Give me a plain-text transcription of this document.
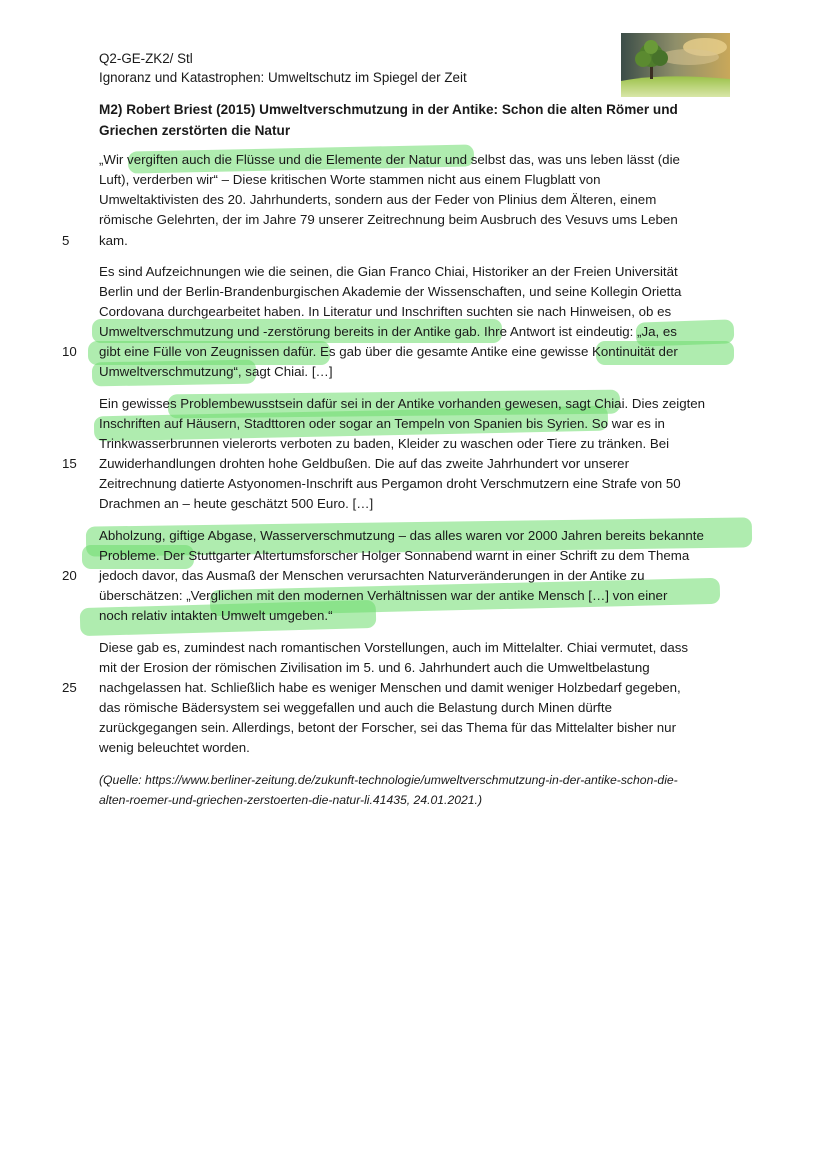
Q2-GE-ZK2/ Stl
Ignoranz und Katastrophen: Umweltschutz im Spiegel der Zeit
M2) Robert Briest (2015) Umweltverschmutzung in der Antike: Schon die alten Römer und
Griechen zerstörten die Natur
5
10
15
20
25
„Wir vergiften auch die Flüsse und die Elemente der Natur und selbst das, was uns leben lässt (die
Luft), verderben wir“ – Diese kritischen Worte stammen nicht aus einem Flugblatt von
Umweltaktivisten des 20. Jahrhunderts, sondern aus der Feder von Plinius dem Älteren, einem
römische Gelehrten, der im Jahre 79 unserer Zeitrechnung beim Ausbruch des Vesuvs ums Leben
kam.
Es sind Aufzeichnungen wie die seinen, die Gian Franco Chiai, Historiker an der Freien Universität
Berlin und der Berlin-Brandenburgischen Akademie der Wissenschaften, und seine Kollegin Orietta
Cordovana durchgearbeitet haben. In Literatur und Inschriften suchten sie nach Hinweisen, ob es
Umweltverschmutzung und -zerstörung bereits in der Antike gab. Ihre Antwort ist eindeutig: „Ja, es
gibt eine Fülle von Zeugnissen dafür. Es gab über die gesamte Antike eine gewisse Kontinuität der
Umweltverschmutzung“, sagt Chiai. […]
Ein gewisses Problembewusstsein dafür sei in der Antike vorhanden gewesen, sagt Chiai. Dies zeigten
Inschriften auf Häusern, Stadttoren oder sogar an Tempeln von Spanien bis Syrien. So war es in
Trinkwasserbrunnen vielerorts verboten zu baden, Kleider zu waschen oder Tiere zu tränken. Bei
Zuwiderhandlungen drohten hohe Geldbußen. Die auf das zweite Jahrhundert vor unserer
Zeitrechnung datierte Astyonomen-Inschrift aus Pergamon droht Verschmutzern eine Strafe von 50
Drachmen an – heute geschätzt 500 Euro. […]
Abholzung, giftige Abgase, Wasserverschmutzung – das alles waren vor 2000 Jahren bereits bekannte
Probleme. Der Stuttgarter Altertumsforscher Holger Sonnabend warnt in einer Schrift zu dem Thema
jedoch davor, das Ausmaß der Menschen verursachten Naturveränderungen in der Antike zu
überschätzen: „Verglichen mit den modernen Verhältnissen war der antike Mensch […] von einer
noch relativ intakten Umwelt umgeben.“
Diese gab es, zumindest nach romantischen Vorstellungen, auch im Mittelalter. Chiai vermutet, dass
mit der Erosion der römischen Zivilisation im 5. und 6. Jahrhundert auch die Umweltbelastung
nachgelassen hat. Schließlich habe es weniger Menschen und damit weniger Holzbedarf gegeben,
das römische Bädersystem sei weggefallen und auch die Belastung durch Minen dürfte
zurückgegangen sein. Allerdings, betont der Forscher, sei das Thema für das Mittelalter bisher nur
wenig beleuchtet worden.
(Quelle: https://www.berliner-zeitung.de/zukunft-technologie/umweltverschmutzung-in-der-antike-schon-die-
alten-roemer-und-griechen-zerstoerten-die-natur-li.41435, 24.01.2021.)
